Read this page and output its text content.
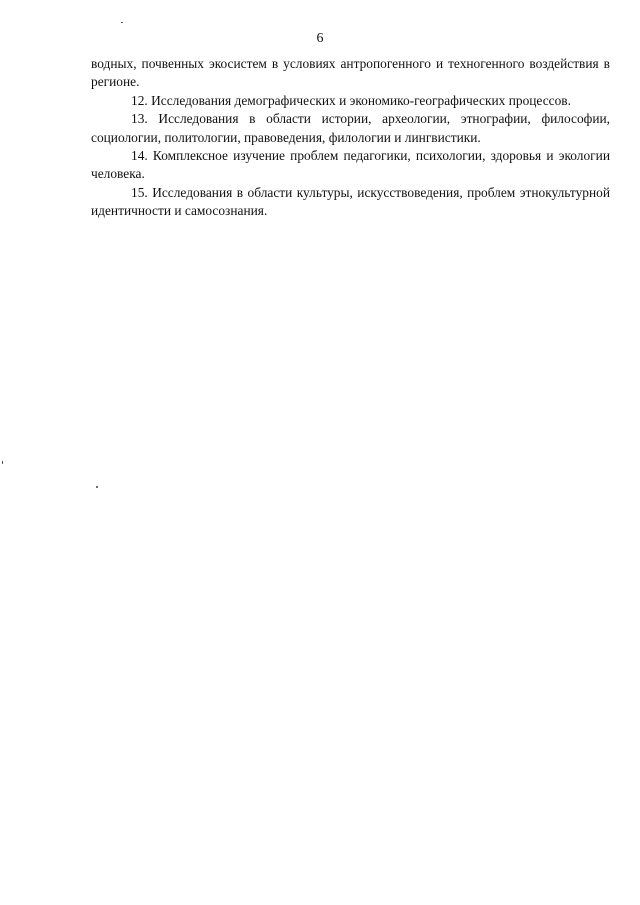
6

водных, почвенных экосистем в условиях антропогенного и техногенного воздействия в регионе.

12. Исследования демографических и экономико-географических процессов.

13. Исследования в области истории, археологии, этнографии, философии, социологии, политологии, правоведения, филологии и лингвистики.

14. Комплексное изучение проблем педагогики, психологии, здоровья и экологии человека.

15. Исследования в области культуры, искусствоведения, проблем этнокультурной идентичности и самосознания.
